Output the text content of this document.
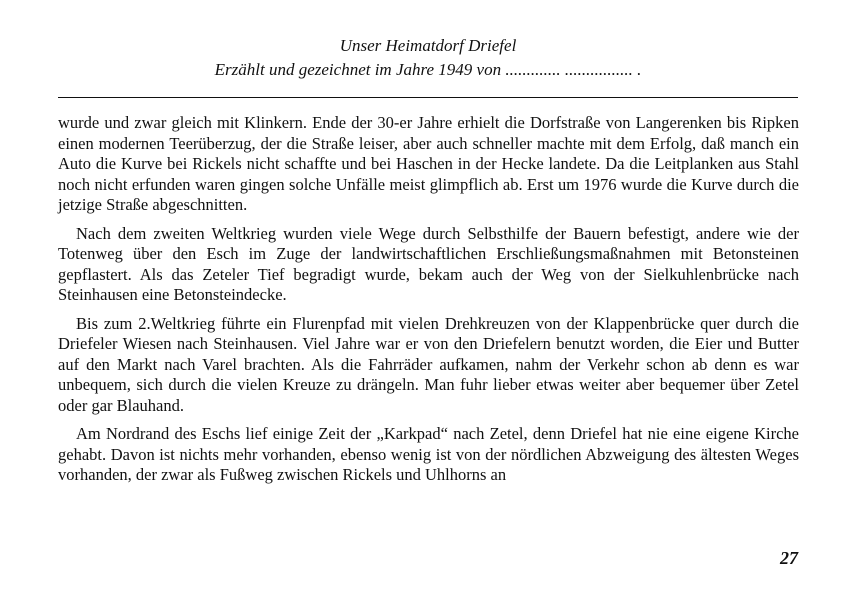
Unser Heimatdorf Driefel
Erzählt und gezeichnet im Jahre 1949 von ............. ................ .

wurde und zwar gleich mit Klinkern. Ende der 30-er Jahre erhielt die Dorfstraße von Langerenken bis Ripken einen modernen Teerüberzug, der die Straße leiser, aber auch schneller machte mit dem Erfolg, daß manch ein Auto die Kurve bei Rickels nicht schaffte und bei Haschen in der Hecke landete. Da die Leitplanken aus Stahl noch nicht erfunden waren gingen solche Unfälle meist glimpflich ab. Erst um 1976 wurde die Kurve durch die jetzige Straße abgeschnitten.

Nach dem zweiten Weltkrieg wurden viele Wege durch Selbsthilfe der Bauern befestigt, andere wie der Totenweg über den Esch im Zuge der landwirtschaftlichen Erschließungsmaßnahmen mit Betonsteinen gepflastert. Als das Zeteler Tief begradigt wurde, bekam auch der Weg von der Sielkuhlenbrücke nach Steinhausen eine Betonsteindecke.

Bis zum 2.Weltkrieg führte ein Flurenpfad mit vielen Drehkreuzen von der Klappenbrücke quer durch die Driefeler Wiesen nach Steinhausen. Viel Jahre war er von den Driefelern benutzt worden, die Eier und Butter auf den Markt nach Varel brachten. Als die Fahrräder aufkamen, nahm der Verkehr schon ab denn es war unbequem, sich durch die vielen Kreuze zu drängeln. Man fuhr lieber etwas weiter aber bequemer über Zetel oder gar Blauhand.

Am Nordrand des Eschs lief einige Zeit der „Karkpad“ nach Zetel, denn Driefel hat nie eine eigene Kirche gehabt. Davon ist nichts mehr vorhanden, ebenso wenig ist von der nördlichen Abzweigung des ältesten Weges vorhanden, der zwar als Fußweg zwischen Rickels und Uhlhorns an

27
